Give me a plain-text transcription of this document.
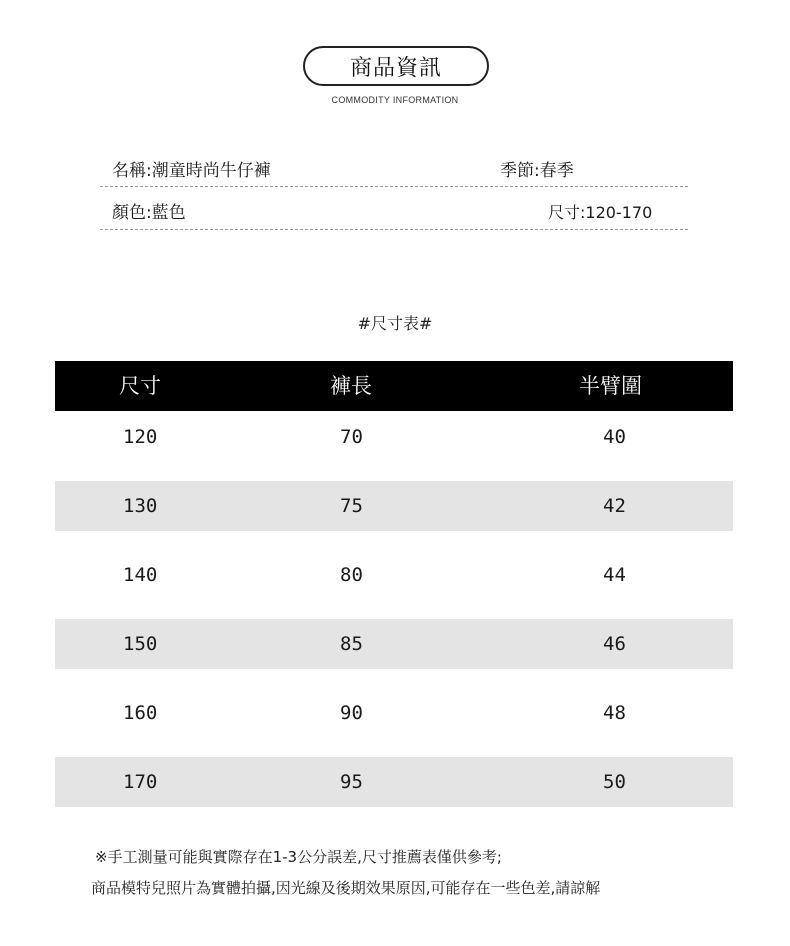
商品資訊
COMMODITY INFORMATION
名稱:潮童時尚牛仔褲	季節:春季
顏色:藍色	尺寸:120-170
#尺寸表#
尺寸	褲長	半臂圍
120	70	40
130	75	42
140	80	44
150	85	46
160	90	48
170	95	50
※手工測量可能與實際存在1-3公分誤差,尺寸推薦表僅供參考;
商品模特兒照片為實體拍攝,因光線及後期效果原因,可能存在一些色差,請諒解
